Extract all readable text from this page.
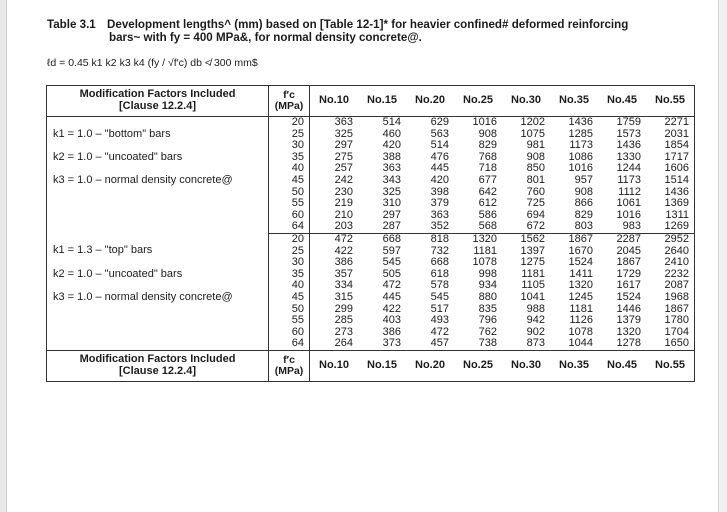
Table 3.1 Development lengths^ (mm) based on [Table 12-1]* for heavier confined# deformed reinforcing
bars~ with fy = 400 MPa&, for normal density concrete@.
ℓd = 0.45 k1 k2 k3 k4 (fy / √f′c) db ≮ 300 mm$
Modification Factors Included
[Clause 12.2.4]	f′c
(MPa)	No.10	No.15	No.20	No.25	No.30	No.35	No.45	No.55

k1 = 1.0 – "bottom" bars
k2 = 1.0 – "uncoated" bars
k3 = 1.0 – normal density concrete@	20	363	514	629	1016	1202	1436	1759	2271
	25	325	460	563	908	1075	1285	1573	2031
	30	297	420	514	829	981	1173	1436	1854
	35	275	388	476	768	908	1086	1330	1717
	40	257	363	445	718	850	1016	1244	1606
	45	242	343	420	677	801	957	1173	1514
	50	230	325	398	642	760	908	1112	1436
	55	219	310	379	612	725	866	1061	1369
	60	210	297	363	586	694	829	1016	1311
	64	203	287	352	568	672	803	983	1269

k1 = 1.3 – "top" bars
k2 = 1.0 – "uncoated" bars
k3 = 1.0 – normal density concrete@	20	472	668	818	1320	1562	1867	2287	2952
	25	422	597	732	1181	1397	1670	2045	2640
	30	386	545	668	1078	1275	1524	1867	2410
	35	357	505	618	998	1181	1411	1729	2232
	40	334	472	578	934	1105	1320	1617	2087
	45	315	445	545	880	1041	1245	1524	1968
	50	299	422	517	835	988	1181	1446	1867
	55	285	403	493	796	942	1126	1379	1780
	60	273	386	472	762	902	1078	1320	1704
	64	264	373	457	738	873	1044	1278	1650
Modification Factors Included
[Clause 12.2.4]	f′c
(MPa)	No.10	No.15	No.20	No.25	No.30	No.35	No.45	No.55
